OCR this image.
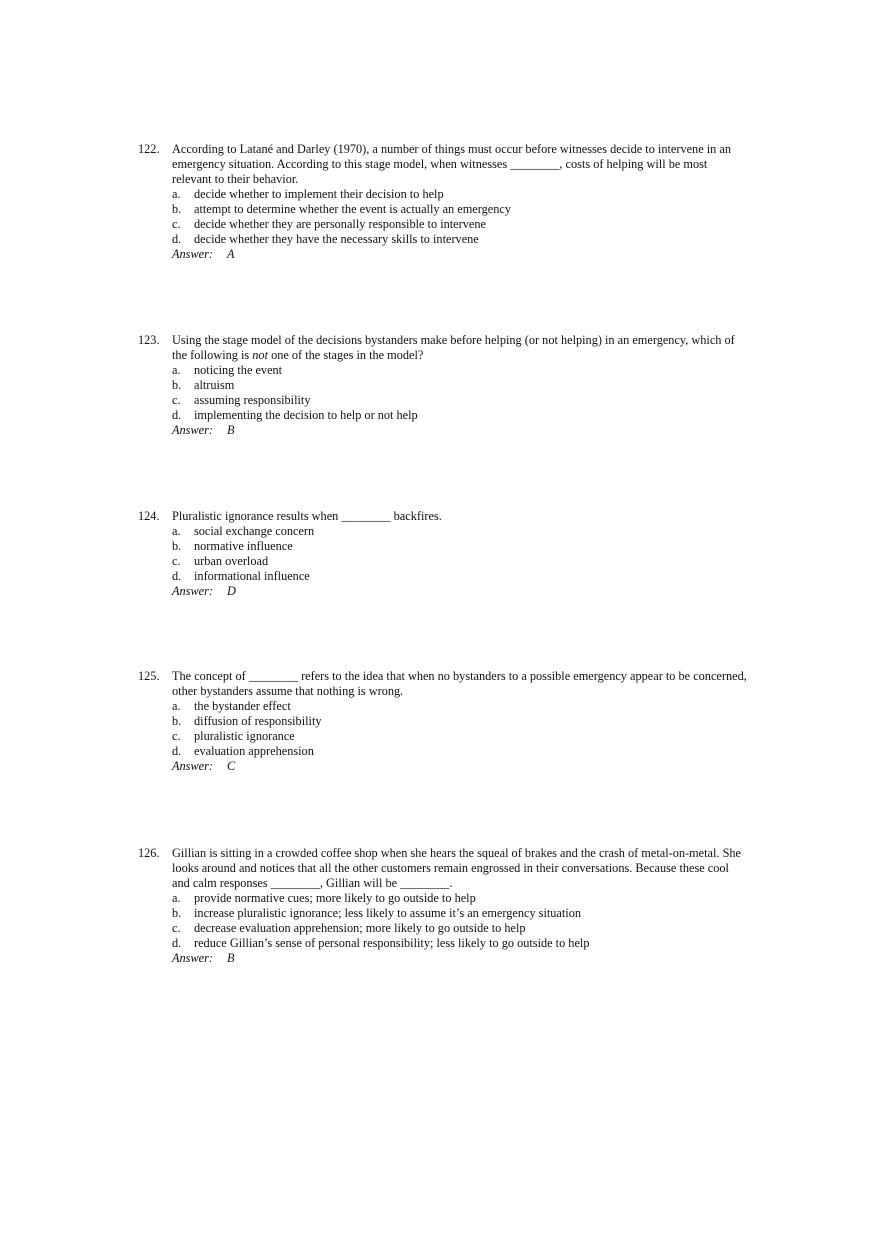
122. According to Latané and Darley (1970), a number of things must occur before witnesses decide to intervene in an emergency situation. According to this stage model, when witnesses ________, costs of helping will be most relevant to their behavior.
a. decide whether to implement their decision to help
b. attempt to determine whether the event is actually an emergency
c. decide whether they are personally responsible to intervene
d. decide whether they have the necessary skills to intervene
Answer: A
123. Using the stage model of the decisions bystanders make before helping (or not helping) in an emergency, which of the following is not one of the stages in the model?
a. noticing the event
b. altruism
c. assuming responsibility
d. implementing the decision to help or not help
Answer: B
124. Pluralistic ignorance results when ________ backfires.
a. social exchange concern
b. normative influence
c. urban overload
d. informational influence
Answer: D
125. The concept of ________ refers to the idea that when no bystanders to a possible emergency appear to be concerned, other bystanders assume that nothing is wrong.
a. the bystander effect
b. diffusion of responsibility
c. pluralistic ignorance
d. evaluation apprehension
Answer: C
126. Gillian is sitting in a crowded coffee shop when she hears the squeal of brakes and the crash of metal-on-metal. She looks around and notices that all the other customers remain engrossed in their conversations. Because these cool and calm responses ________, Gillian will be ________.
a. provide normative cues; more likely to go outside to help
b. increase pluralistic ignorance; less likely to assume it’s an emergency situation
c. decrease evaluation apprehension; more likely to go outside to help
d. reduce Gillian’s sense of personal responsibility; less likely to go outside to help
Answer: B
